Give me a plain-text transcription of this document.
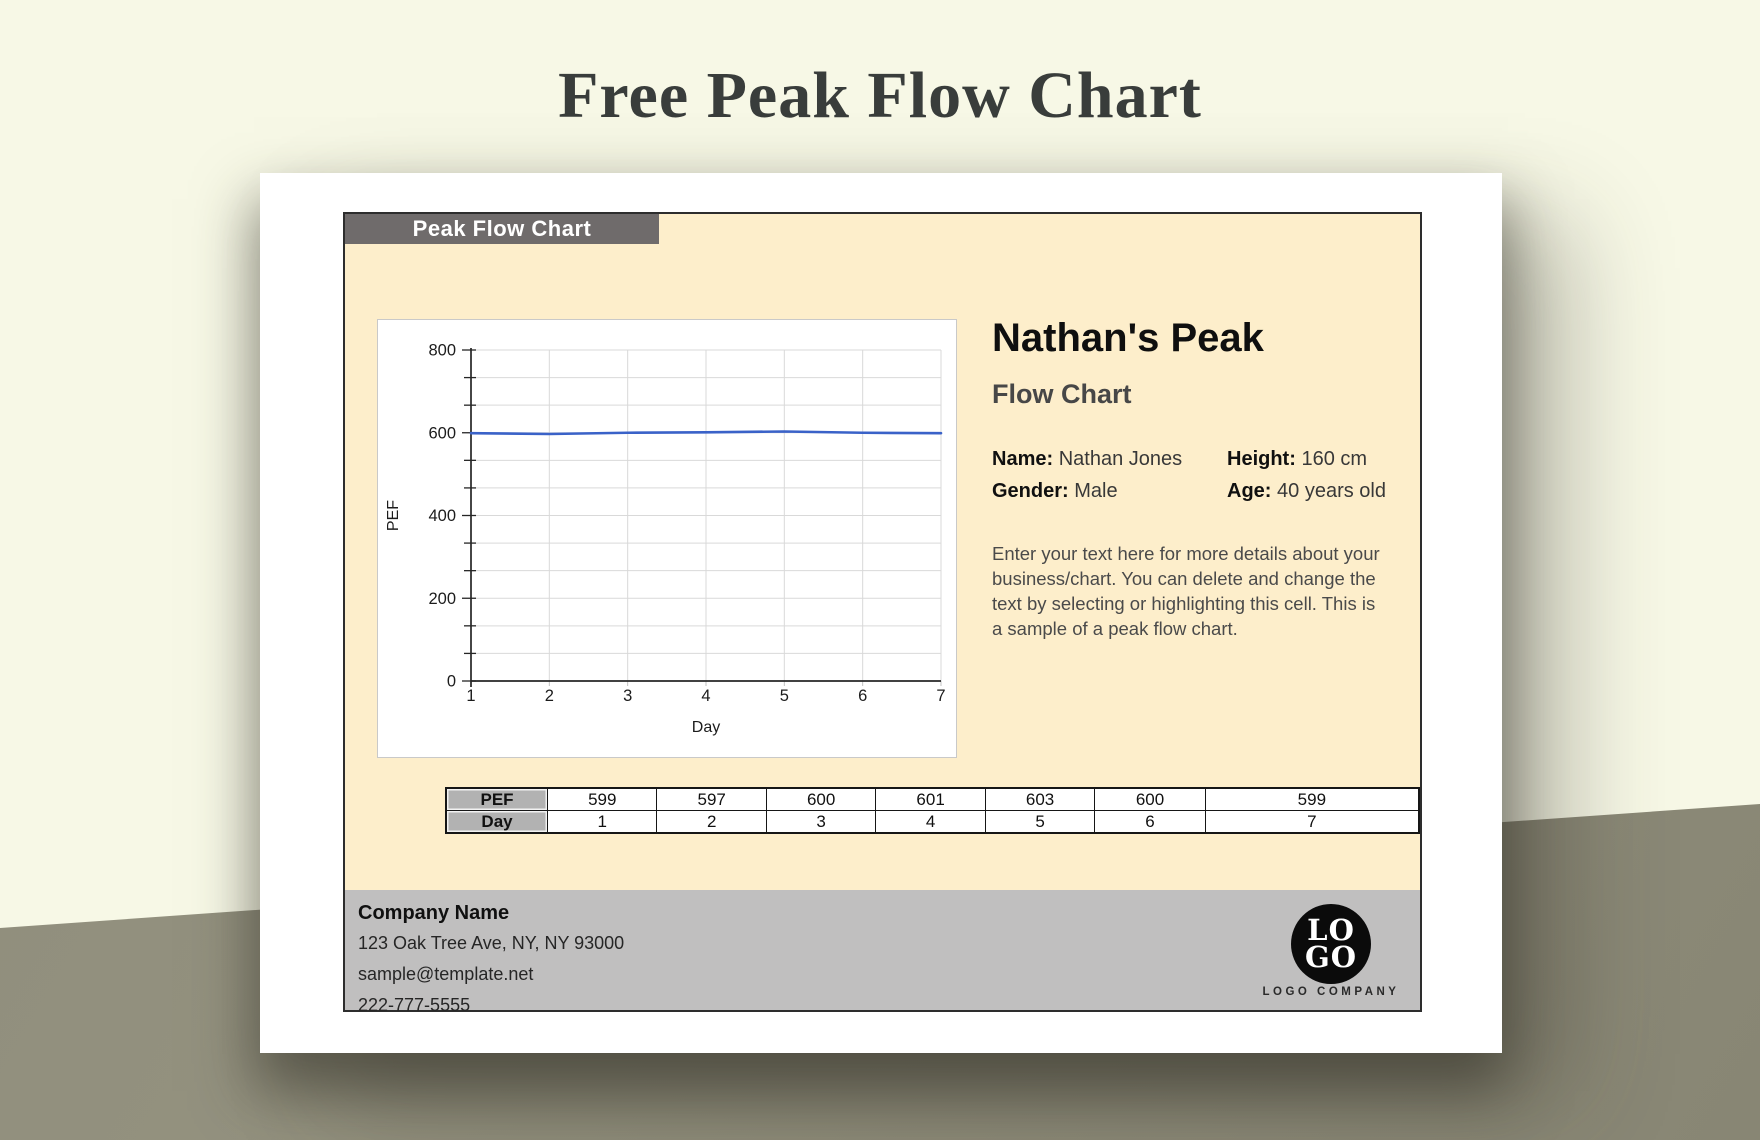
Free Peak Flow Chart
Peak Flow Chart
0
200
400
600
800
1	2	3	4	5	6	7
Day
PEF
Nathan's Peak
Flow Chart
Name: Nathan Jones	Height: 160 cm
Gender: Male	Age: 40 years old
Enter your text here for more details about your business/chart. You can delete and change the text by selecting or highlighting this cell. This is a sample of a peak flow chart.
PEF	599	597	600	601	603	600	599
Day	1	2	3	4	5	6	7
Company Name
123 Oak Tree Ave, NY, NY 93000
sample@template.net
222-777-5555
LO
GO
LOGO COMPANY
